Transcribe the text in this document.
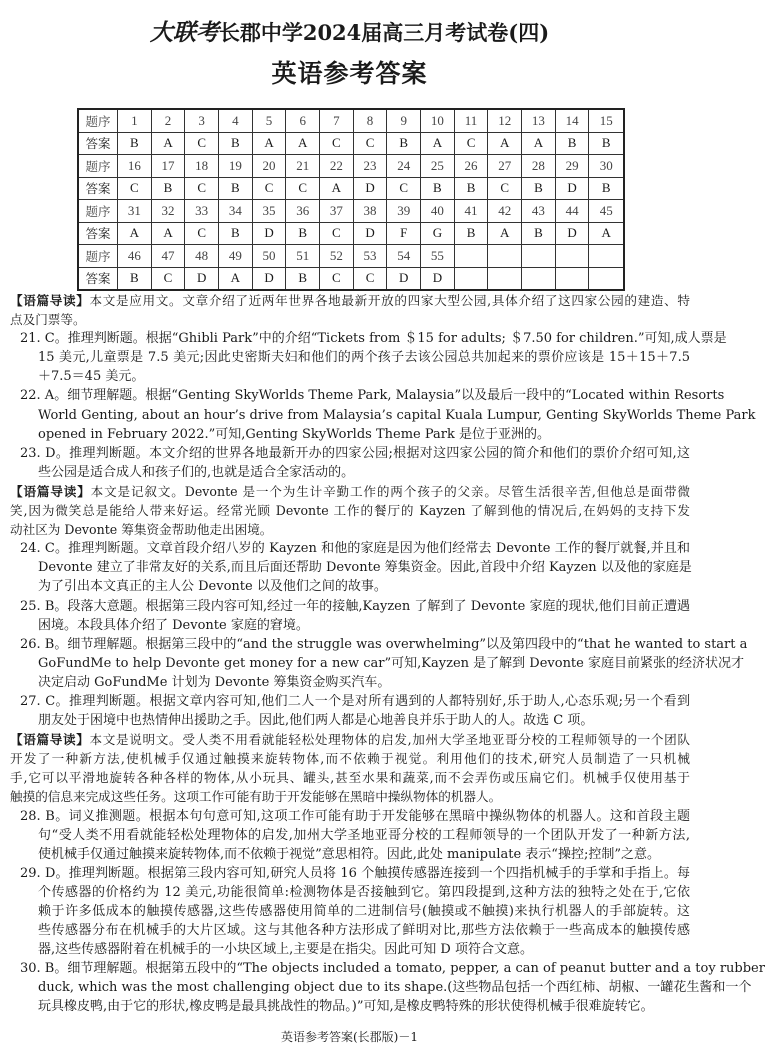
大联考长郡中学2024届高三月考试卷(四)
英语参考答案
题序	1	2	3	4	5	6	7	8	9	10	11	12	13	14	15
答案	B	A	C	B	A	A	C	C	B	A	C	A	A	B	B
题序	16	17	18	19	20	21	22	23	24	25	26	27	28	29	30
答案	C	B	C	B	C	C	A	D	C	B	B	C	B	D	B
题序	31	32	33	34	35	36	37	38	39	40	41	42	43	44	45
答案	A	A	C	B	D	B	C	D	F	G	B	A	B	D	A
题序	46	47	48	49	50	51	52	53	54	55					
答案	B	C	D	A	D	B	C	C	D	D					
【语篇导读】本文是应用文。文章介绍了近两年世界各地最新开放的四家大型公园,具体介绍了这四家公园的建造、特
点及门票等。
21. C。推理判断题。根据“Ghibli Park”中的介绍“Tickets from ＄15 for adults; ＄7.50 for children.”可知,成人票是
15 美元,儿童票是 7.5 美元;因此史密斯夫妇和他们的两个孩子去该公园总共加起来的票价应该是 15＋15＋7.5
＋7.5＝45 美元。
22. A。细节理解题。根据“Genting SkyWorlds Theme Park, Malaysia”以及最后一段中的“Located within Resorts
World Genting, about an hour’s drive from Malaysia’s capital Kuala Lumpur, Genting SkyWorlds Theme Park
opened in February 2022.”可知,Genting SkyWorlds Theme Park 是位于亚洲的。
23. D。推理判断题。本文介绍的世界各地最新开办的四家公园;根据对这四家公园的简介和他们的票价介绍可知,这
些公园是适合成人和孩子们的,也就是适合全家活动的。
【语篇导读】本文是记叙文。Devonte 是一个为生计辛勤工作的两个孩子的父亲。尽管生活很辛苦,但他总是面带微
笑,因为微笑总是能给人带来好运。经常光顾 Devonte 工作的餐厅的 Kayzen 了解到他的情况后,在妈妈的支持下发
动社区为 Devonte 筹集资金帮助他走出困境。
24. C。推理判断题。文章首段介绍八岁的 Kayzen 和他的家庭是因为他们经常去 Devonte 工作的餐厅就餐,并且和
Devonte 建立了非常友好的关系,而且后面还帮助 Devonte 筹集资金。因此,首段中介绍 Kayzen 以及他的家庭是
为了引出本文真正的主人公 Devonte 以及他们之间的故事。
25. B。段落大意题。根据第三段内容可知,经过一年的接触,Kayzen 了解到了 Devonte 家庭的现状,他们目前正遭遇
困境。本段具体介绍了 Devonte 家庭的窘境。
26. B。细节理解题。根据第三段中的“and the struggle was overwhelming”以及第四段中的“that he wanted to start a
GoFundMe to help Devonte get money for a new car”可知,Kayzen 是了解到 Devonte 家庭目前紧张的经济状况才
决定启动 GoFundMe 计划为 Devonte 筹集资金购买汽车。
27. C。推理判断题。根据文章内容可知,他们二人一个是对所有遇到的人都特别好,乐于助人,心态乐观;另一个看到
朋友处于困境中也热情伸出援助之手。因此,他们两人都是心地善良并乐于助人的人。故选 C 项。
【语篇导读】本文是说明文。受人类不用看就能轻松处理物体的启发,加州大学圣地亚哥分校的工程师领导的一个团队
开发了一种新方法,使机械手仅通过触摸来旋转物体,而不依赖于视觉。利用他们的技术,研究人员制造了一只机械
手,它可以平滑地旋转各种各样的物体,从小玩具、罐头,甚至水果和蔬菜,而不会弄伤或压扁它们。机械手仅使用基于
触摸的信息来完成这些任务。这项工作可能有助于开发能够在黑暗中操纵物体的机器人。
28. B。词义推测题。根据本句句意可知,这项工作可能有助于开发能够在黑暗中操纵物体的机器人。这和首段主题
句“受人类不用看就能轻松处理物体的启发,加州大学圣地亚哥分校的工程师领导的一个团队开发了一种新方法,
使机械手仅通过触摸来旋转物体,而不依赖于视觉”意思相符。因此,此处 manipulate 表示“操控;控制”之意。
29. D。推理判断题。根据第三段内容可知,研究人员将 16 个触摸传感器连接到一个四指机械手的手掌和手指上。每
个传感器的价格约为 12 美元,功能很简单:检测物体是否接触到它。第四段提到,这种方法的独特之处在于,它依
赖于许多低成本的触摸传感器,这些传感器使用简单的二进制信号(触摸或不触摸)来执行机器人的手部旋转。这
些传感器分布在机械手的大片区域。这与其他各种方法形成了鲜明对比,那些方法依赖于一些高成本的触摸传感
器,这些传感器附着在机械手的一小块区域上,主要是在指尖。因此可知 D 项符合文意。
30. B。细节理解题。根据第五段中的“The objects included a tomato, pepper, a can of peanut butter and a toy rubber
duck, which was the most challenging object due to its shape.(这些物品包括一个西红柿、胡椒、一罐花生酱和一个
玩具橡皮鸭,由于它的形状,橡皮鸭是最具挑战性的物品。)”可知,是橡皮鸭特殊的形状使得机械手很难旋转它。
英语参考答案(长郡版)－1
